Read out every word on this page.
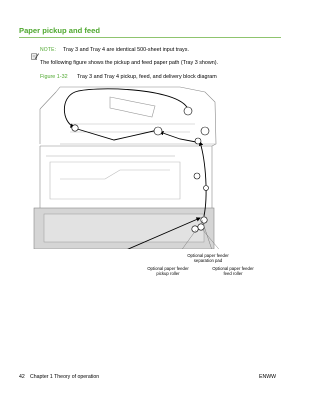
Paper pickup and feed
NOTE: Tray 3 and Tray 4 are identical 500-sheet input trays.
The following figure shows the pickup and feed paper path (Tray 3 shown).
Figure 1-32 Tray 3 and Tray 4 pickup, feed, and delivery block diagram
Optional paper feeder
separation pad
Optional paper feeder
pickup roller
Optional paper feeder
feed roller
42 Chapter 1 Theory of operation	ENWW
